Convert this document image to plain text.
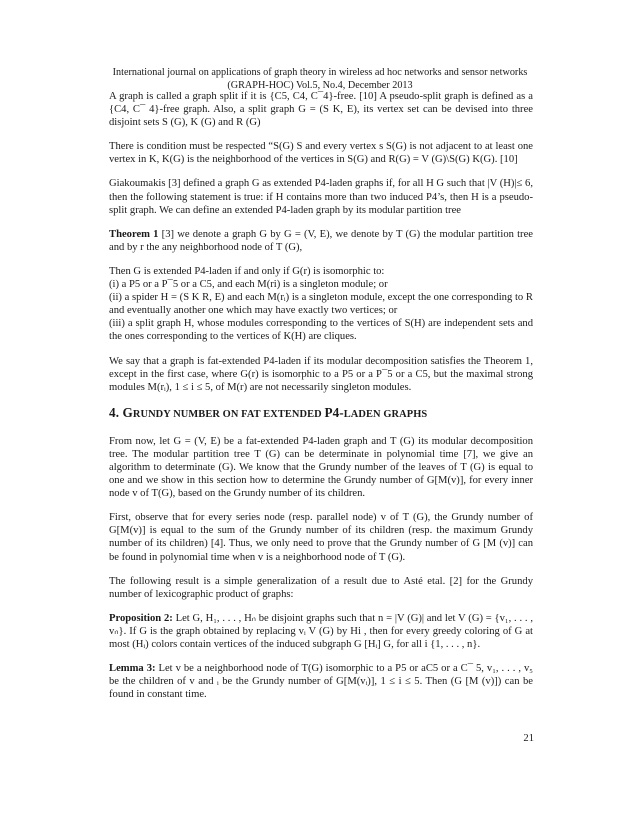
International journal on applications of graph theory in wireless ad hoc networks and sensor networks
(GRAPH-HOC) Vol.5, No.4, December 2013

A graph is called a graph split if it is {C5, C4, C¯4}-free. [10] A pseudo-split graph is defined as a {C4, C¯ 4}-free graph. Also, a split graph G = (S K, E), its vertex set can be devised into three disjoint sets S (G), K (G) and R (G)

There is condition must be respected “S(G) S and every vertex s S(G) is not adjacent to at least one vertex in K, K(G) is the neighborhood of the vertices in S(G) and R(G) = V (G)\S(G) K(G). [10]

Giakoumakis [3] defined a graph G as extended P4-laden graphs if, for all H G such that |V (H)|≤ 6, then the following statement is true: if H contains more than two induced P4’s, then H is a pseudo-split graph. We can define an extended P4-laden graph by its modular partition tree

Theorem 1 [3] we denote a graph G by G = (V, E), we denote by T (G) the modular partition tree and by r the any neighborhood node of T (G),

Then G is extended P4-laden if and only if G(r) is isomorphic to:
(i) a P5 or a P¯5 or a C5, and each M(ri) is a singleton module; or
(ii) a spider H = (S K R, E) and each M(rᵢ) is a singleton module, except the one corresponding to R and eventually another one which may have exactly two vertices; or
(iii) a split graph H, whose modules corresponding to the vertices of S(H) are independent sets and the ones corresponding to the vertices of K(H) are cliques.

We say that a graph is fat-extended P4-laden if its modular decomposition satisfies the Theorem 1, except in the first case, where G(r) is isomorphic to a P5 or a P¯5 or a C5, but the maximal strong modules M(rᵢ), 1 ≤ i ≤ 5, of M(r) are not necessarily singleton modules.

4. GRUNDY NUMBER ON FAT EXTENDED P4-LADEN GRAPHS

From now, let G = (V, E) be a fat-extended P4-laden graph and T (G) its modular decomposition tree. The modular partition tree T (G) can be determinate in polynomial time [7], we give an algorithm to determinate (G). We know that the Grundy number of the leaves of T (G) is equal to one and we show in this section how to determine the Grundy number of G[M(v)], for every inner node v of T(G), based on the Grundy number of its children.

First, observe that for every series node (resp. parallel node) v of T (G), the Grundy number of G[M(v)] is equal to the sum of the Grundy number of its children (resp. the maximum Grundy number of its children) [4]. Thus, we only need to prove that the Grundy number of G [M (v)] can be found in polynomial time when v is a neighborhood node of T (G).

The following result is a simple generalization of a result due to Asté etal. [2] for the Grundy number of lexicographic product of graphs:

Proposition 2: Let G, H₁, . . . , Hₙ be disjoint graphs such that n = |V (G)| and let V (G) = {v₁, . . . , vₙ}. If G is the graph obtained by replacing vᵢ V (G) by Hi , then for every greedy coloring of G at most (Hᵢ) colors contain vertices of the induced subgraph G [Hᵢ] G, for all i {1, . . . , n}.

Lemma 3: Let v be a neighborhood node of T(G) isomorphic to a P5 or aC5 or a C¯ 5, v₁, . . . , v₅ be the children of v and ᵢ be the Grundy number of G[M(vᵢ)], 1 ≤ i ≤ 5. Then (G [M (v)]) can be found in constant time.

21
